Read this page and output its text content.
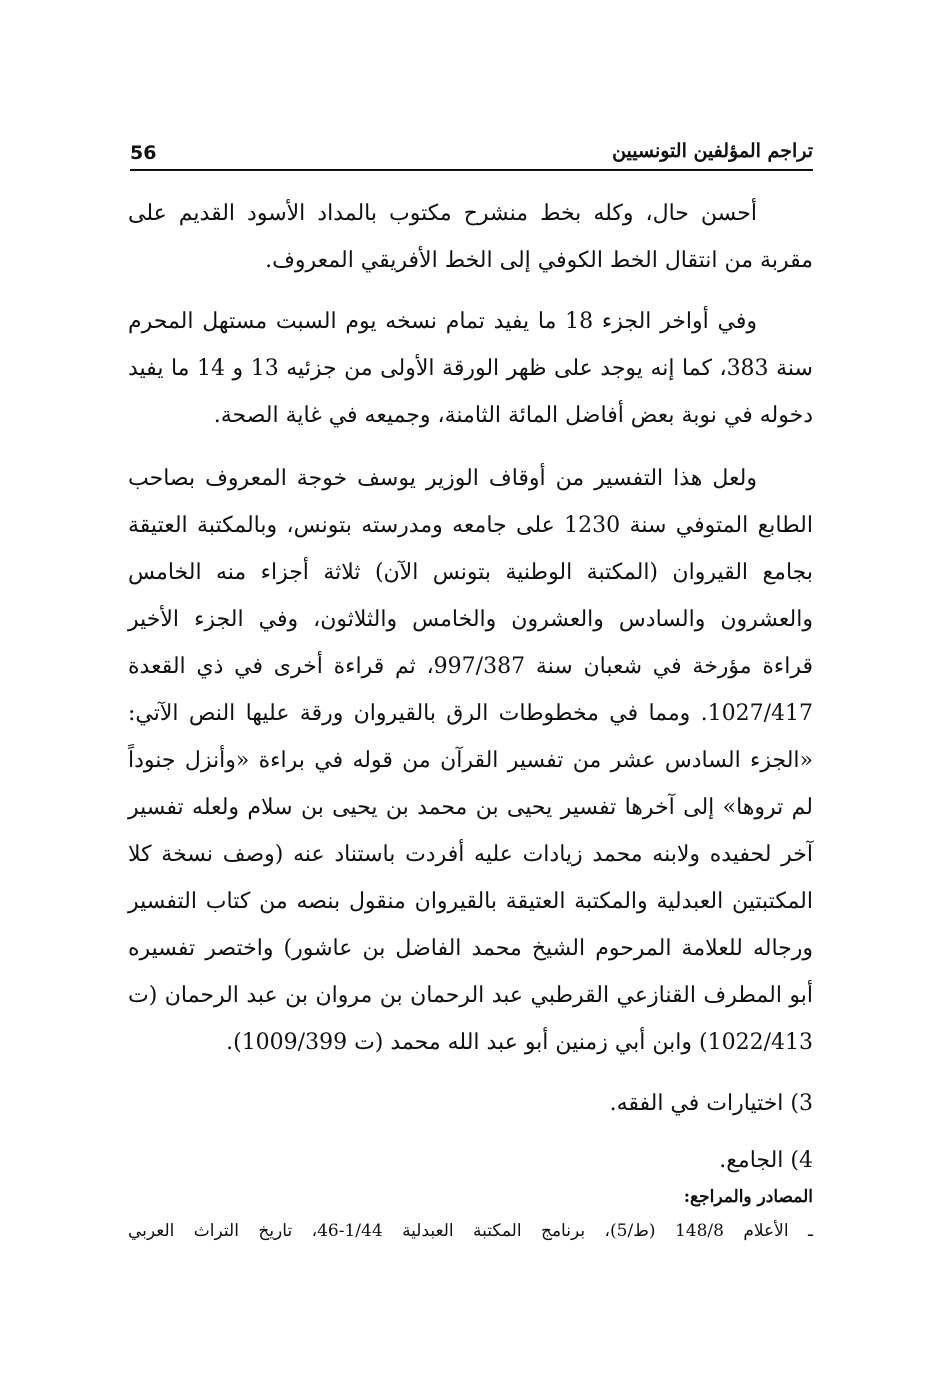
56	تراجم المؤلفين التونسيين

أحسن حال، وكله بخط منشرح مكتوب بالمداد الأسود القديم على مقربة من انتقال الخط الكوفي إلى الخط الأفريقي المعروف.

وفي أواخر الجزء 18 ما يفيد تمام نسخه يوم السبت مستهل المحرم سنة 383، كما إنه يوجد على ظهر الورقة الأولى من جزئيه 13 و 14 ما يفيد دخوله في نوبة بعض أفاضل المائة الثامنة، وجميعه في غاية الصحة.

ولعل هذا التفسير من أوقاف الوزير يوسف خوجة المعروف بصاحب الطابع المتوفي سنة 1230 على جامعه ومدرسته بتونس، وبالمكتبة العتيقة بجامع القيروان (المكتبة الوطنية بتونس الآن) ثلاثة أجزاء منه الخامس والعشرون والسادس والعشرون والخامس والثلاثون، وفي الجزء الأخير قراءة مؤرخة في شعبان سنة 997/387، ثم قراءة أخرى في ذي القعدة 1027/417. ومما في مخطوطات الرق بالقيروان ورقة عليها النص الآتي: «الجزء السادس عشر من تفسير القرآن من قوله في براءة «وأنزل جنوداً لم تروها» إلى آخرها تفسير يحيى بن محمد بن يحيى بن سلام ولعله تفسير آخر لحفيده ولابنه محمد زيادات عليه أفردت باستناد عنه (وصف نسخة كلا المكتبتين العبدلية والمكتبة العتيقة بالقيروان منقول بنصه من كتاب التفسير ورجاله للعلامة المرحوم الشيخ محمد الفاضل بن عاشور) واختصر تفسيره أبو المطرف القنازعي القرطبي عبد الرحمان بن مروان بن عبد الرحمان (ت 1022/413) وابن أبي زمنين أبو عبد الله محمد (ت 1009/399).

3) اختيارات في الفقه.

4) الجامع.

المصادر والمراجع:

ـ الأعلام 148/8 (ط/5)، برنامج المكتبة العبدلية 1/44-46، تاريخ التراث العربي
